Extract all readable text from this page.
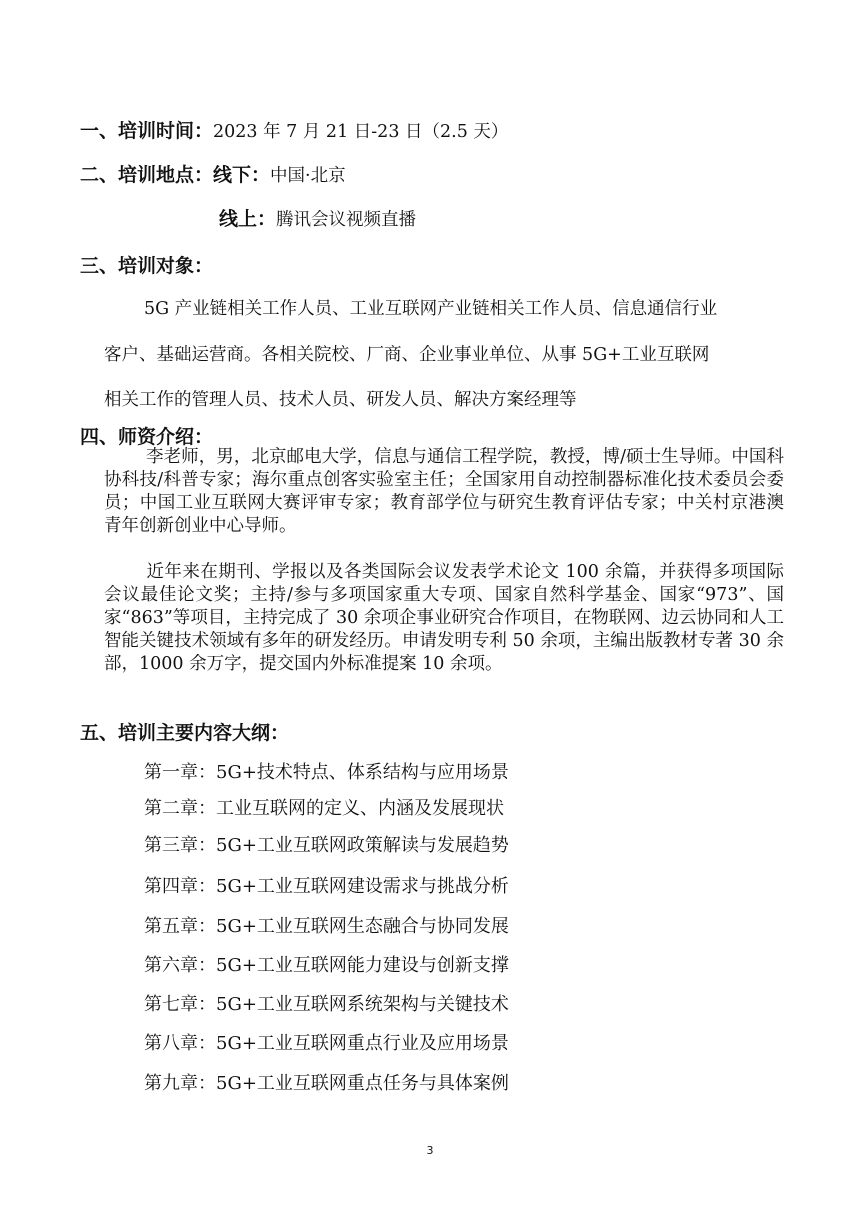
一、培训时间：2023 年 7 月 21 日-23 日（2.5 天）
二、培训地点：线下：中国·北京
线上：腾讯会议视频直播
三、培训对象：
5G 产业链相关工作人员、工业互联网产业链相关工作人员、信息通信行业
客户、基础运营商。各相关院校、厂商、企业事业单位、从事 5G+工业互联网
相关工作的管理人员、技术人员、研发人员、解决方案经理等
四、师资介绍：
李老师，男，北京邮电大学，信息与通信工程学院，教授，博/硕士生导师。中国科协科技/科普专家；海尔重点创客实验室主任；全国家用自动控制器标准化技术委员会委员；中国工业互联网大赛评审专家；教育部学位与研究生教育评估专家；中关村京港澳青年创新创业中心导师。
近年来在期刊、学报以及各类国际会议发表学术论文 100 余篇，并获得多项国际会议最佳论文奖；主持/参与多项国家重大专项、国家自然科学基金、国家“973”、国家“863”等项目，主持完成了 30 余项企事业研究合作项目，在物联网、边云协同和人工智能关键技术领域有多年的研发经历。申请发明专利 50 余项，主编出版教材专著 30 余部，1000 余万字，提交国内外标准提案 10 余项。
五、培训主要内容大纲：
第一章：5G+技术特点、体系结构与应用场景
第二章：工业互联网的定义、内涵及发展现状
第三章：5G+工业互联网政策解读与发展趋势
第四章：5G+工业互联网建设需求与挑战分析
第五章：5G+工业互联网生态融合与协同发展
第六章：5G+工业互联网能力建设与创新支撑
第七章：5G+工业互联网系统架构与关键技术
第八章：5G+工业互联网重点行业及应用场景
第九章：5G+工业互联网重点任务与具体案例
3
